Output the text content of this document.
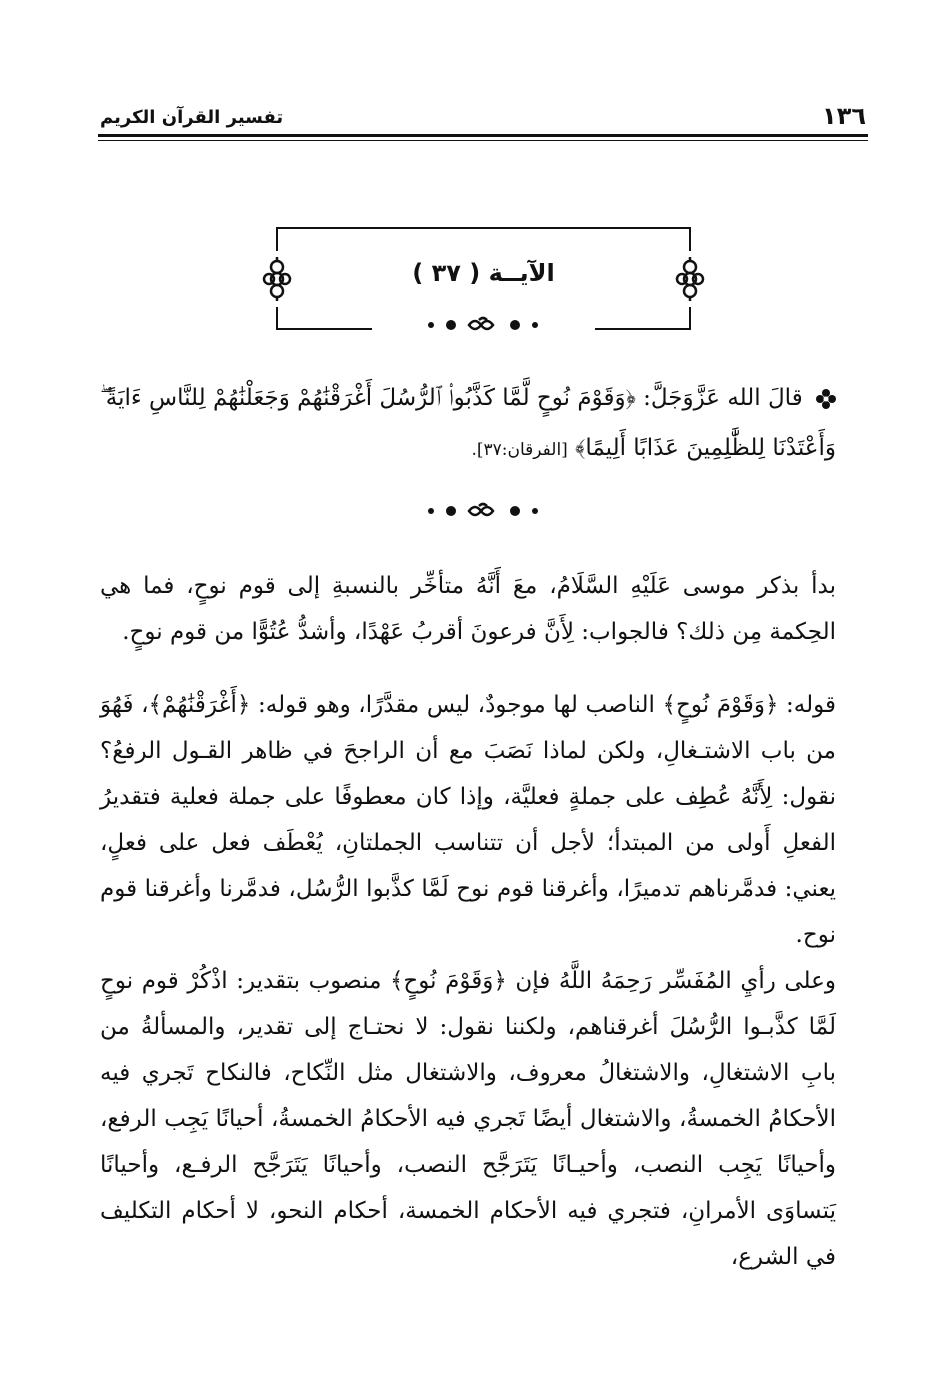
١٣٦
تفسير القرآن الكريم
الآيــة ( ٣٧ )
قالَ الله عَزَّوَجَلَّ: ﴿وَقَوْمَ نُوحٍ لَّمَّا كَذَّبُوا۟ ٱلرُّسُلَ أَغْرَقْنَٰهُمْ وَجَعَلْنَٰهُمْ لِلنَّاسِ ءَايَةً ۖ وَأَعْتَدْنَا لِلظَّٰلِمِينَ عَذَابًا أَلِيمًا﴾ [الفرقان:٣٧].

بدأ بذكر موسى عَلَيْهِ السَّلَامُ، معَ أَنَّهُ متأخِّر بالنسبةِ إلى قوم نوحٍ، فما هي الحِكمة مِن ذلك؟ فالجواب: لِأَنَّ فرعونَ أقربُ عَهْدًا، وأشدُّ عُتُوًّا من قوم نوحٍ.

قوله: ﴿وَقَوْمَ نُوحٍ﴾ الناصب لها موجودٌ، ليس مقدَّرًا، وهو قوله: ﴿أَغْرَقْنَٰهُمْ﴾، فَهُوَ من باب الاشتـغالِ، ولكن لماذا نَصَبَ مع أن الراجحَ في ظاهر القـول الرفعُ؟ نقول: لِأَنَّهُ عُطِف على جملةٍ فعليَّة، وإذا كان معطوفًا على جملة فعلية فتقديرُ الفعلِ أَولى من المبتدأ؛ لأجل أن تتناسب الجملتانِ، يُعْطَف فعل على فعلٍ، يعني: فدمَّرناهم تدميرًا، وأغرقنا قوم نوح لَمَّا كذَّبوا الرُّسُل، فدمَّرنا وأغرقنا قوم نوح.

وعلى رأيِ المُفَسِّر رَحِمَهُ اللَّهُ فإن ﴿وَقَوْمَ نُوحٍ﴾ منصوب بتقدير: اذْكُرْ قوم نوحٍ لَمَّا كذَّبـوا الرُّسُلَ أغرقناهم، ولكننا نقول: لا نحتـاج إلى تقدير، والمسألةُ من بابِ الاشتغالِ، والاشتغالُ معروف، والاشتغال مثل النِّكاح، فالنكاح تَجري فيه الأحكامُ الخمسةُ، والاشتغال أيضًا تَجري فيه الأحكامُ الخمسةُ، أحيانًا يَجِب الرفع، وأحيانًا يَجِب النصب، وأحيـانًا يَتَرَجَّح النصب، وأحيانًا يَتَرَجَّح الرفـع، وأحيانًا يَتساوَى الأمرانِ، فتجري فيه الأحكام الخمسة، أحكام النحو، لا أحكام التكليف في الشرع،
